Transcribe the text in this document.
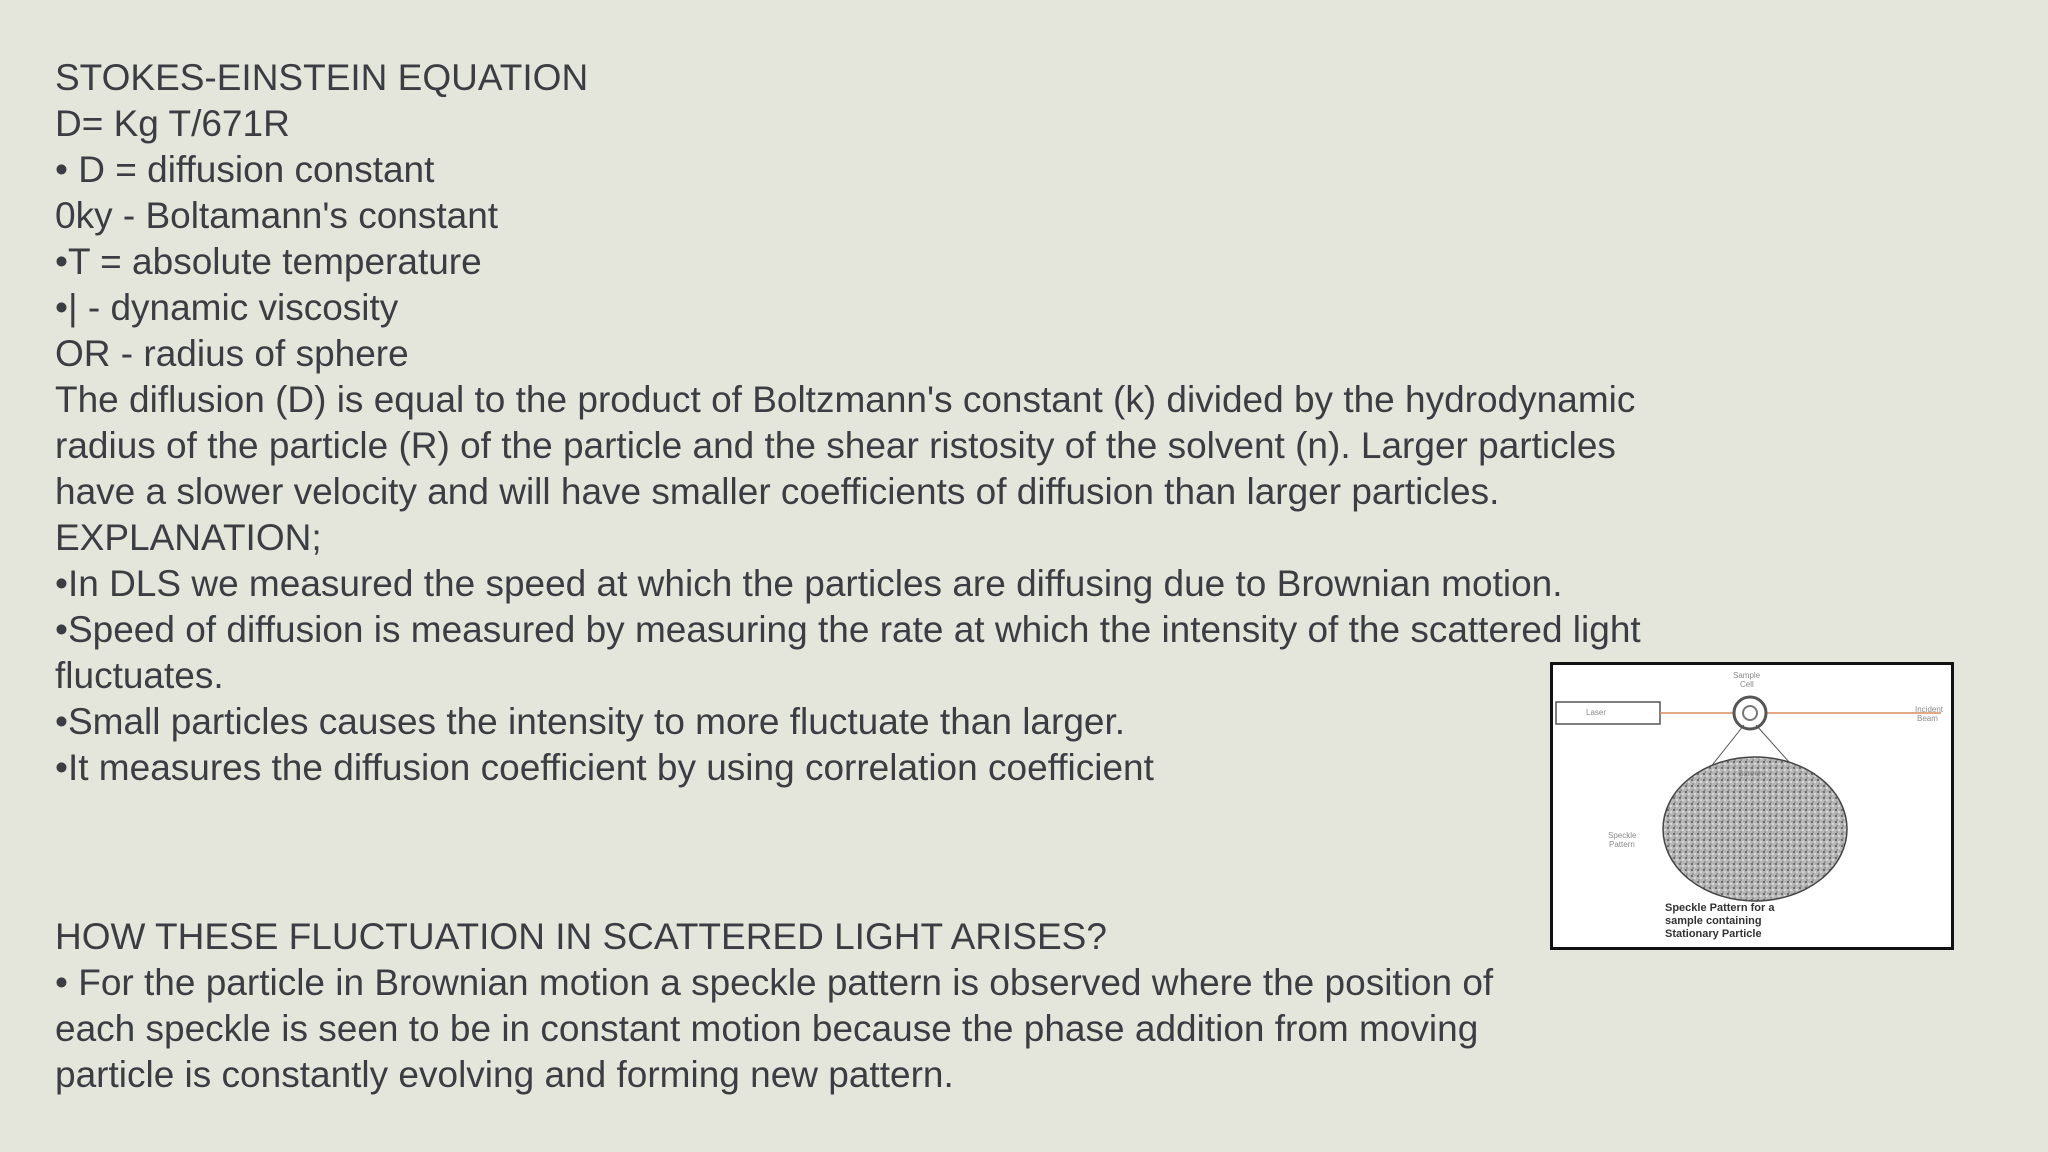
STOKES-EINSTEIN EQUATION
D= Kg T/671R
• D = diffusion constant
0ky - Boltamann's constant
•T = absolute temperature
•| - dynamic viscosity
OR - radius of sphere
The diflusion (D) is equal to the product of Boltzmann's constant (k) divided by the hydrodynamic
radius of the particle (R) of the particle and the shear ristosity of the solvent (n). Larger particles
have a slower velocity and will have smaller coefficients of diffusion than larger particles.
EXPLANATION;
•In DLS we measured the speed at which the particles are diffusing due to Brownian motion.
•Speed of diffusion is measured by measuring the rate at which the intensity of the scattered light
fluctuates.
•Small particles causes the intensity to more fluctuate than larger.
•It measures the diffusion coefficient by using correlation coefficient
HOW THESE FLUCTUATION IN SCATTERED LIGHT ARISES?
• For the particle in Brownian motion a speckle pattern is observed where the position of
each speckle is seen to be in constant motion because the phase addition from moving
particle is constantly evolving and forming new pattern.
Laser
Sample
Cell
Incident
Beam
Screen
Speckle
Pattern
Speckle Pattern for a
sample containing
Stationary Particle
